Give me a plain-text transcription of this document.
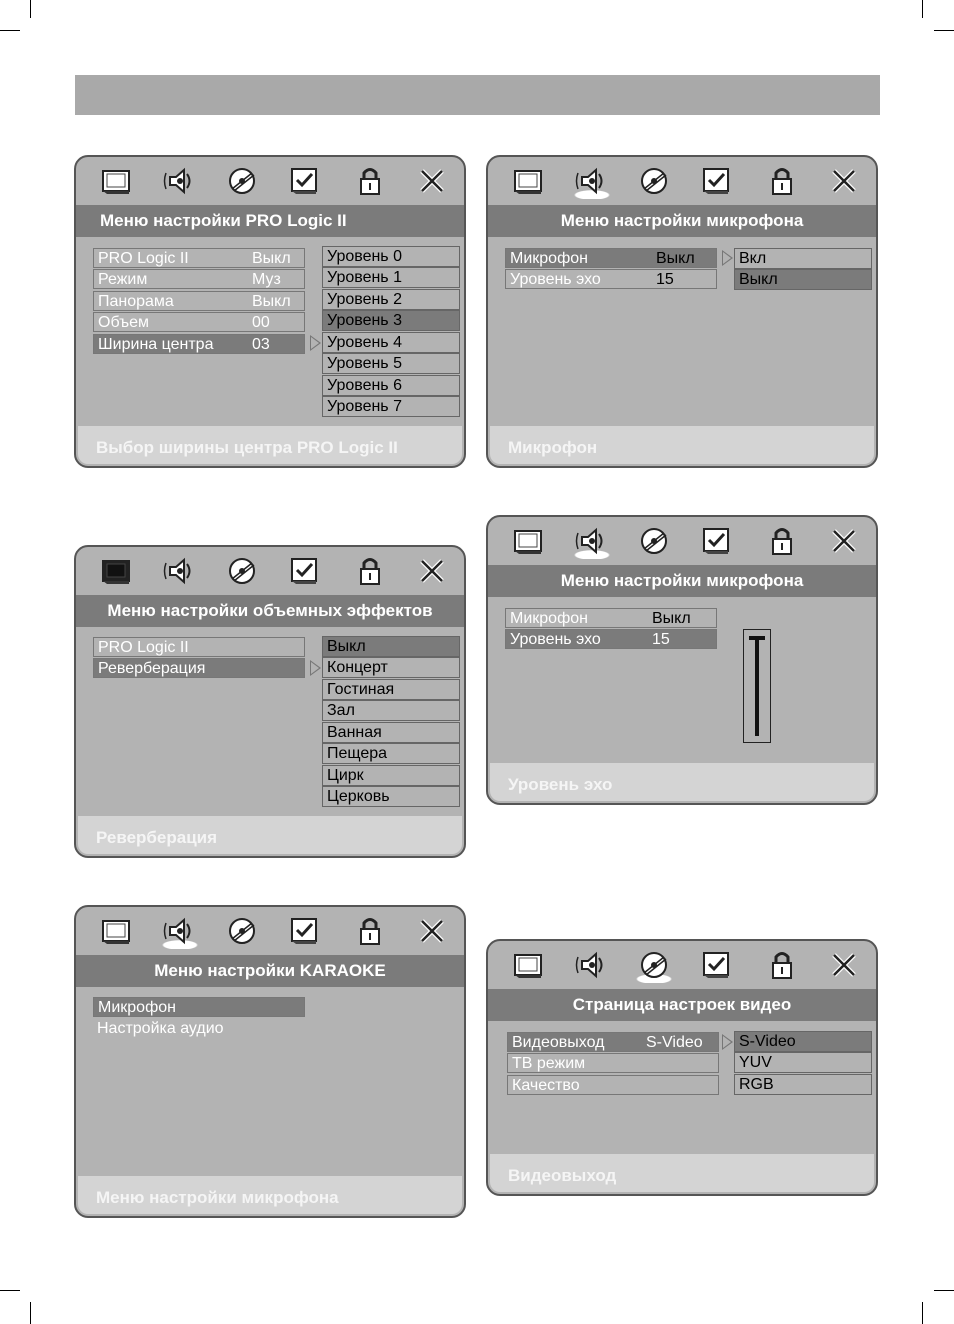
Меню настройки PRO Logic II
PRO Logic II	Выкл
Режим	Муз
Панорама	Выкл
Объем	00
Ширина центра 03
Уровень 0
Уровень 1
Уровень 2
Уровень 3
Уровень 4
Уровень 5
Уровень 6
Уровень 7
Выбор ширины центра PRO Logic II
Меню настройки микрофона
Микрофон	Выкл
Уровень эхо	15
Вкл
Выкл
Микрофон
Меню настройки объемных эффектов
PRO Logic II
Реверберация
Выкл
Концерт
Гостиная
Зал
Ванная
Пещера
Цирк
Церковь
Реверберация
Меню настройки микрофона
Микрофон	Выкл
Уровень эхо	15
Уровень эхо
Меню настройки KARAOKE
Микрофон
Настройка аудио
Меню настройки микрофона
Страница настроек видео
Видеовыход	S-Video
ТВ режим
Качество
S-Video
YUV
RGB
Видеовыход
